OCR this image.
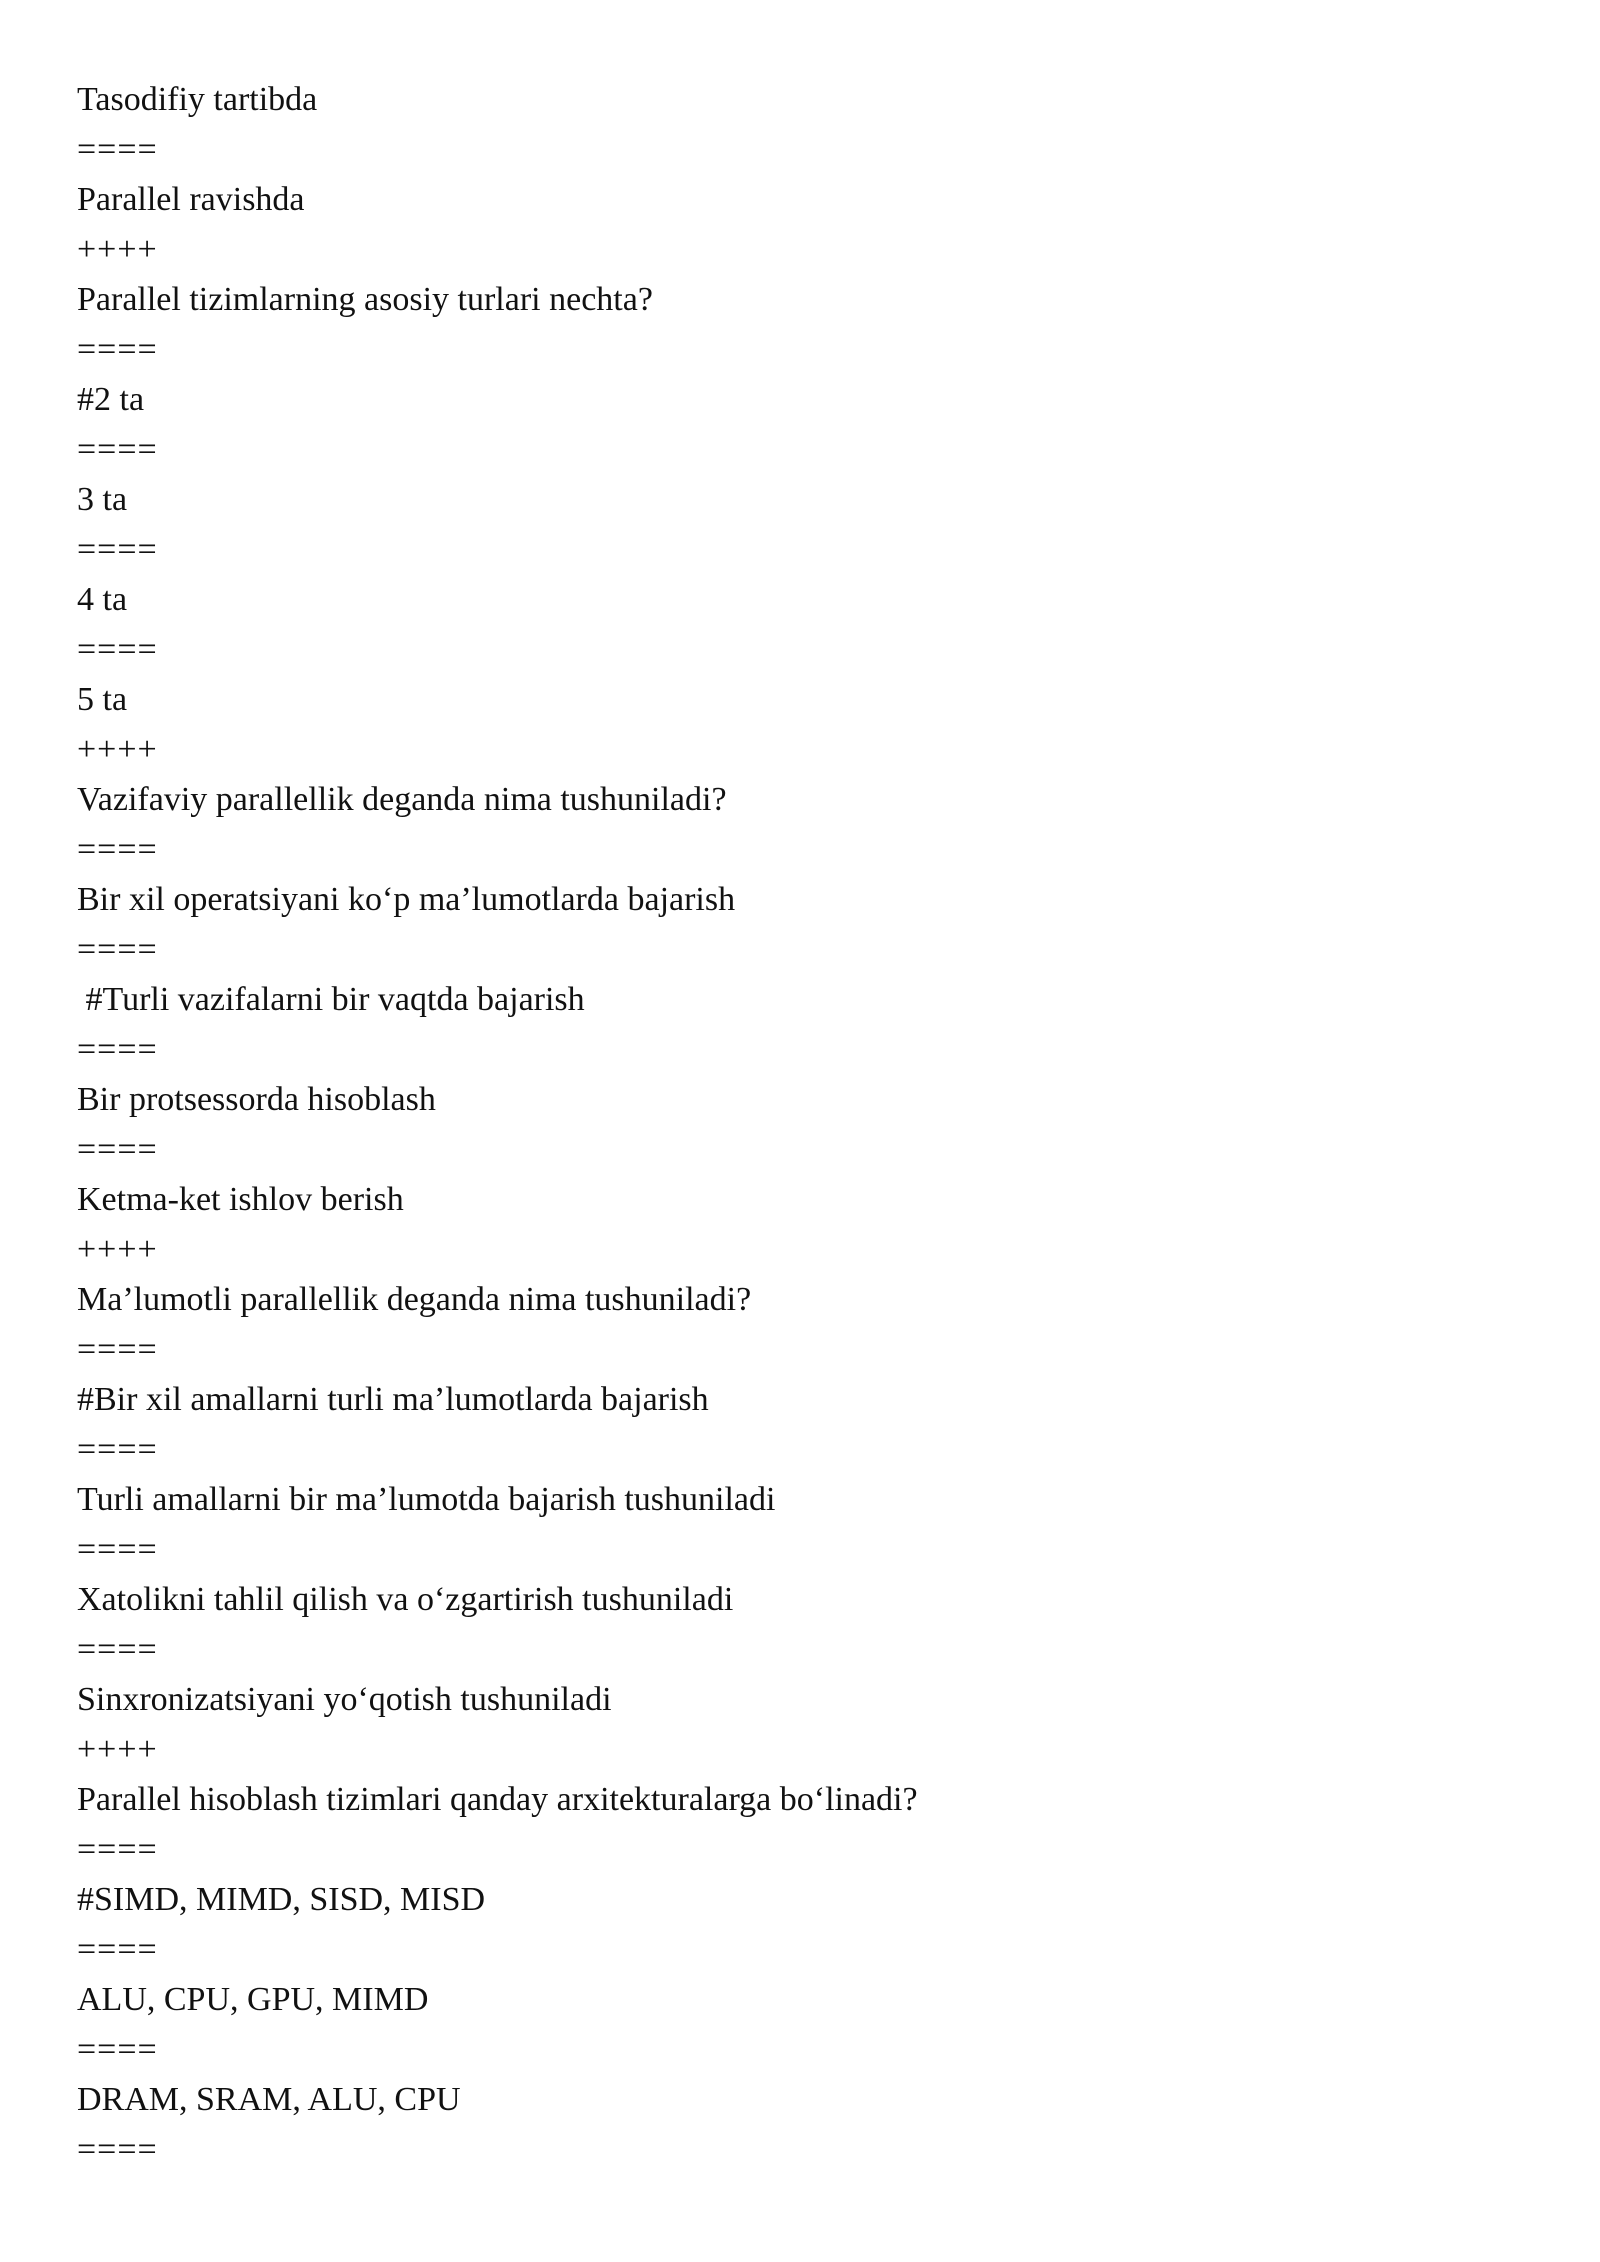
Tasodifiy tartibda

====

Parallel ravishda

++++

Parallel tizimlarning asosiy turlari nechta?

====

#2 ta

====

3 ta

====

4 ta

====

5 ta

++++

Vazifaviy parallellik deganda nima tushuniladi?

====

Bir xil operatsiyani ko‘p ma’lumotlarda bajarish

====

#Turli vazifalarni bir vaqtda bajarish

====

Bir protsessorda hisoblash

====

Ketma-ket ishlov berish

++++

Ma’lumotli parallellik deganda nima tushuniladi?

====

#Bir xil amallarni turli ma’lumotlarda bajarish

====

Turli amallarni bir ma’lumotda bajarish tushuniladi

====

Xatolikni tahlil qilish va o‘zgartirish tushuniladi

====

Sinxronizatsiyani yo‘qotish tushuniladi

++++

Parallel hisoblash tizimlari qanday arxitekturalarga bo‘linadi?

====

#SIMD, MIMD, SISD, MISD

====

ALU, CPU, GPU, MIMD

====

DRAM, SRAM, ALU, CPU

====
